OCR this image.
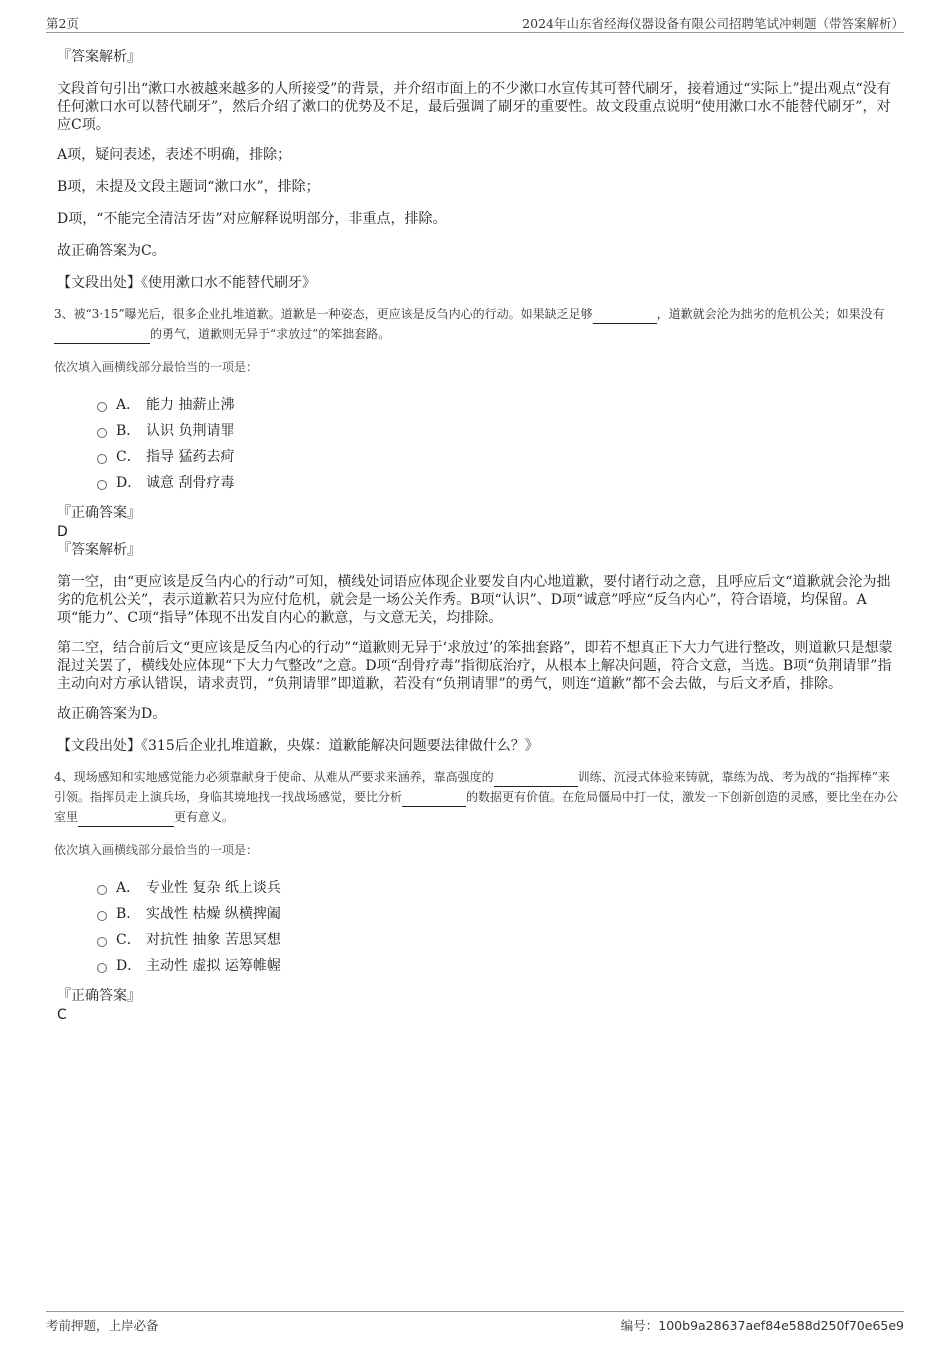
第2页	2024年山东省经海仪器设备有限公司招聘笔试冲刺题（带答案解析）
『答案解析』

文段首句引出“漱口水被越来越多的人所接受”的背景，并介绍市面上的不少漱口水宣传其可替代刷牙，接着通过“实际上”提出观点“没有任何漱口水可以替代刷牙”，然后介绍了漱口的优势及不足，最后强调了刷牙的重要性。故文段重点说明“使用漱口水不能替代刷牙”，对应C项。

A项，疑问表述，表述不明确，排除；

B项，未提及文段主题词“漱口水”，排除；

D项，“不能完全清洁牙齿”对应解释说明部分，非重点，排除。

故正确答案为C。

【文段出处】《使用漱口水不能替代刷牙》

3、被“3·15”曝光后，很多企业扎堆道歉。道歉是一种姿态，更应该是反刍内心的行动。如果缺乏足够	，道歉就会沦为拙劣的危机公关；如果没有的勇气，道歉则无异于“求放过”的笨拙套路。

依次填入画横线部分最恰当的一项是：

A． 能力 抽薪止沸
B． 认识 负荆请罪
C． 指导 猛药去疴
D． 诚意 刮骨疗毒
『正确答案』
D
『答案解析』

第一空，由“更应该是反刍内心的行动”可知，横线处词语应体现企业要发自内心地道歉，要付诸行动之意，且呼应后文“道歉就会沦为拙劣的危机公关”，表示道歉若只为应付危机，就会是一场公关作秀。B项“认识”、D项“诚意”呼应“反刍内心”，符合语境，均保留。A项“能力”、C项“指导”体现不出发自内心的歉意，与文意无关，均排除。

第二空，结合前后文“更应该是反刍内心的行动”“道歉则无异于‘求放过’的笨拙套路”，即若不想真正下大力气进行整改，则道歉只是想蒙混过关罢了，横线处应体现“下大力气整改”之意。D项“刮骨疗毒”指彻底治疗，从根本上解决问题，符合文意，当选。B项“负荆请罪”指主动向对方承认错误，请求责罚，“负荆请罪”即道歉，若没有“负荆请罪”的勇气，则连“道歉”都不会去做，与后文矛盾，排除。

故正确答案为D。

【文段出处】《315后企业扎堆道歉，央媒：道歉能解决问题要法律做什么？》

4、现场感知和实地感觉能力必须靠献身于使命、从难从严要求来涵养，靠高强度的	训练、沉浸式体验来铸就，靠练为战、考为战的“指挥棒”来引领。指挥员走上演兵场，身临其境地找一找战场感觉，要比分析	的数据更有价值。在危局僵局中打一仗，激发一下创新创造的灵感，要比坐在办公室里	更有意义。

依次填入画横线部分最恰当的一项是：

A． 专业性 复杂 纸上谈兵
B． 实战性 枯燥 纵横捭阖
C． 对抗性 抽象 苦思冥想
D． 主动性 虚拟 运筹帷幄
『正确答案』
C
考前押题，上岸必备	编号：100b9a28637aef84e588d250f70e65e9
